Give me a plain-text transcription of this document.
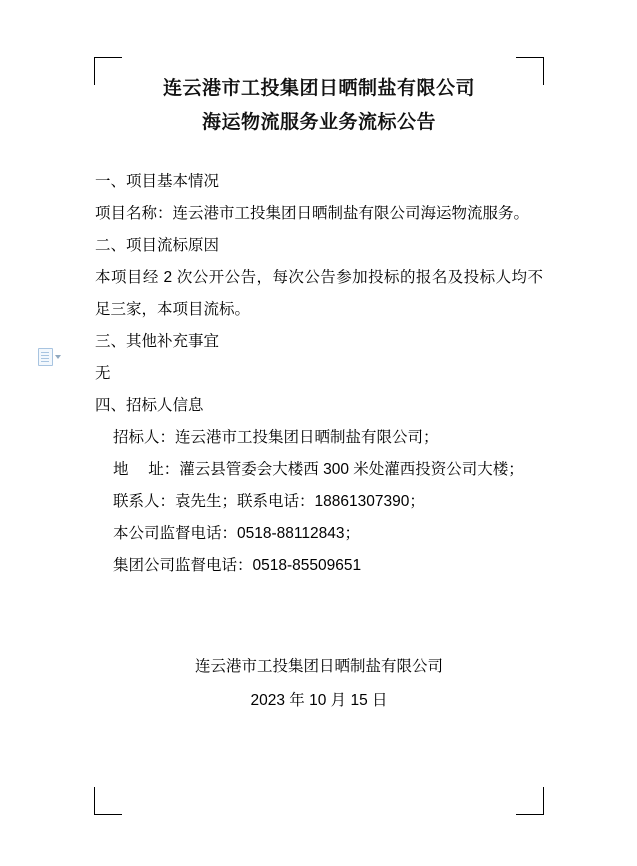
连云港市工投集团日晒制盐有限公司
海运物流服务业务流标公告

一、项目基本情况

项目名称：连云港市工投集团日晒制盐有限公司海运物流服务。

二、项目流标原因

本项目经 2 次公开公告，每次公告参加投标的报名及投标人均不足三家，本项目流标。

三、其他补充事宜

无

四、招标人信息

招标人：连云港市工投集团日晒制盐有限公司；

地　 址：灌云县管委会大楼西 300 米处灌西投资公司大楼；

联系人：袁先生；联系电话：18861307390；

本公司监督电话：0518-88112843；

集团公司监督电话：0518-85509651

连云港市工投集团日晒制盐有限公司
2023 年 10 月 15 日
